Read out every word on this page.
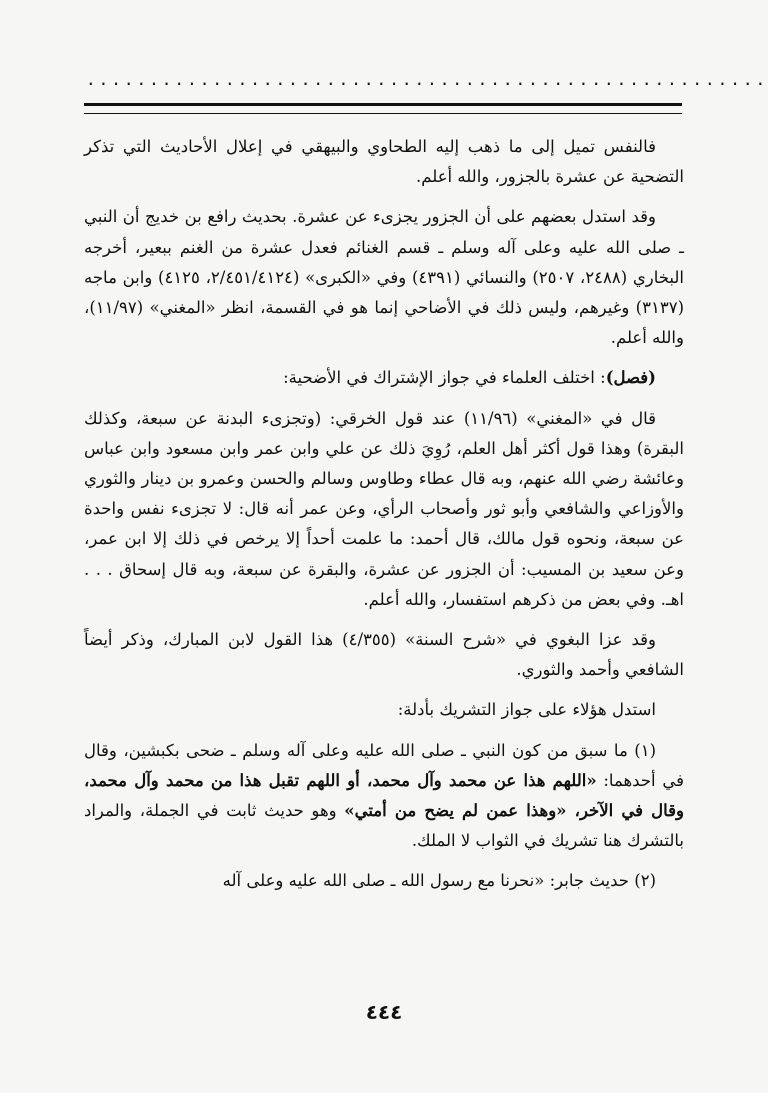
......................................................

فالنفس تميل إلى ما ذهب إليه الطحاوي والبيهقي في إعلال الأحاديث التي تذكر التضحية عن عشرة بالجزور، والله أعلم.

وقد استدل بعضهم على أن الجزور يجزىء عن عشرة. بحديث رافع بن خديج أن النبي ـ صلى الله عليه وعلى آله وسلم ـ قسم الغنائم فعدل عشرة من الغنم ببعير، أخرجه البخاري (٢٤٨٨، ٢٥٠٧) والنسائي (٤٣٩١) وفي «الكبرى» (٢/٤٥١/٤١٢٤، ٤١٢٥) وابن ماجه (٣١٣٧) وغيرهم، وليس ذلك في الأضاحي إنما هو في القسمة، انظر «المغني» (١١/٩٧)، والله أعلم.

(فصل): اختلف العلماء في جواز الإشتراك في الأضحية:

قال في «المغني» (١١/٩٦) عند قول الخرقي: (وتجزىء البدنة عن سبعة، وكذلك البقرة) وهذا قول أكثر أهل العلم، رُوِيَ ذلك عن علي وابن عمر وابن مسعود وابن عباس وعائشة رضي الله عنهم، وبه قال عطاء وطاوس وسالم والحسن وعمرو بن دينار والثوري والأوزاعي والشافعي وأبو ثور وأصحاب الرأي، وعن عمر أنه قال: لا تجزىء نفس واحدة عن سبعة، ونحوه قول مالك، قال أحمد: ما علمت أحداً إلا يرخص في ذلك إلا ابن عمر، وعن سعيد بن المسيب: أن الجزور عن عشرة، والبقرة عن سبعة، وبه قال إسحاق . . . اهـ. وفي بعض من ذكرهم استفسار، والله أعلم.

وقد عزا البغوي في «شرح السنة» (٤/٣٥٥) هذا القول لابن المبارك، وذكر أيضاً الشافعي وأحمد والثوري.

استدل هؤلاء على جواز التشريك بأدلة:

(١) ما سبق من كون النبي ـ صلى الله عليه وعلى آله وسلم ـ ضحى بكبشين، وقال في أحدهما: «اللهم هذا عن محمد وآل محمد، أو اللهم تقبل هذا من محمد وآل محمد، وقال في الآخر، «وهذا عمن لم يضح من أمتي» وهو حديث ثابت في الجملة، والمراد بالتشرك هنا تشريك في الثواب لا الملك.

(٢) حديث جابر: «نحرنا مع رسول الله ـ صلى الله عليه وعلى آله

٤٤٤
